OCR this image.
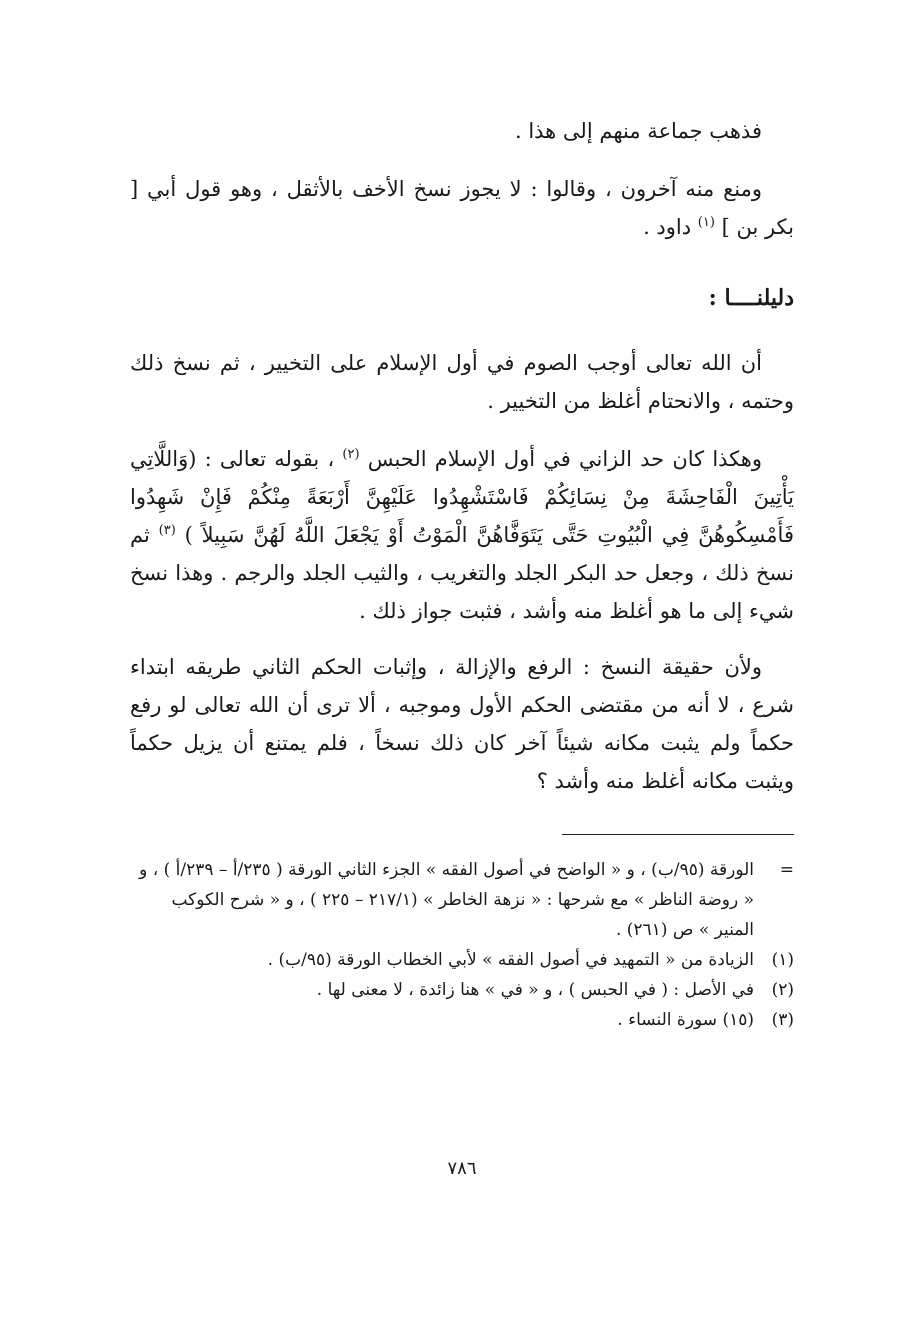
فذهب جماعة منهم إلى هذا .

ومنع منه آخرون ، وقالوا : لا يجوز نسخ الأخف بالأثقل ، وهو قول أبي [ بكر بن ] $^{(١)}$ داود .

دليلنــــا :

أن الله تعالى أوجب الصوم في أول الإسلام على التخيير ، ثم نسخ ذلك وحتمه ، والانحتام أغلظ من التخيير .

وهكذا كان حد الزاني في أول الإسلام الحبس $^{(٢)}$ ، بقوله تعالى : (وَاللَّاتِي يَأْتِينَ الْفَاحِشَةَ مِنْ نِسَائِكُمْ فَاسْتَشْهِدُوا عَلَيْهِنَّ أَرْبَعَةً مِنْكُمْ فَإِنْ شَهِدُوا فَأَمْسِكُوهُنَّ فِي الْبُيُوتِ حَتَّى يَتَوَفَّاهُنَّ الْمَوْتُ أَوْ يَجْعَلَ اللَّهُ لَهُنَّ سَبِيلاً ) $^{(٣)}$ ثم نسخ ذلك ، وجعل حد البكر الجلد والتغريب ، والثيب الجلد والرجم . وهذا نسخ شيء إلى ما هو أغلظ منه وأشد ، فثبت جواز ذلك .

ولأن حقيقة النسخ : الرفع والإزالة ، وإثبات الحكم الثاني طريقه ابتداء شرع ، لا أنه من مقتضى الحكم الأول وموجبه ، ألا ترى أن الله تعالى لو رفع حكماً ولم يثبت مكانه شيئاً آخر كان ذلك نسخاً ، فلم يمتنع أن يزيل حكماً ويثبت مكانه أغلظ منه وأشد ؟

=
الورقة (٩٥/ب) ، و « الواضح في أصول الفقه » الجزء الثاني الورقة ( ٢٣٥/أ – ٢٣٩/أ ) ، و « روضة الناظر » مع شرحها : « نزهة الخاطر » (٢١٧/١ – ٢٢٥ ) ، و « شرح الكوكب المنير » ص (٢٦١) .
(١)
الزيادة من « التمهيد في أصول الفقه » لأبي الخطاب الورقة (٩٥/ب) .
(٢)
في الأصل : ( في الحبس ) ، و « في » هنا زائدة ، لا معنى لها .
(٣)
(١٥) سورة النساء .
٧٨٦
